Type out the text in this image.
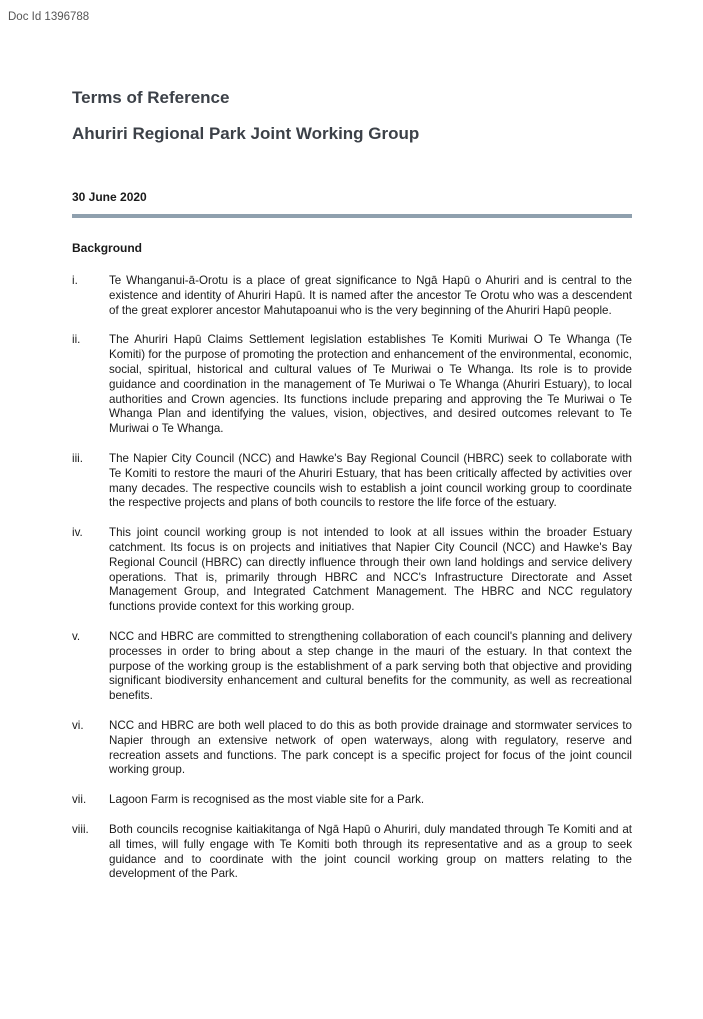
Doc Id 1396788
Terms of Reference
Ahuriri Regional Park Joint Working Group
30 June 2020
Background
i.	Te Whanganui-ā-Orotu is a place of great significance to Ngā Hapū o Ahuriri and is central to the existence and identity of Ahuriri Hapū. It is named after the ancestor Te Orotu who was a descendent of the great explorer ancestor Mahutapoanui who is the very beginning of the Ahuriri Hapū people.
ii.	The Ahuriri Hapū Claims Settlement legislation establishes Te Komiti Muriwai O Te Whanga (Te Komiti) for the purpose of promoting the protection and enhancement of the environmental, economic, social, spiritual, historical and cultural values of Te Muriwai o Te Whanga. Its role is to provide guidance and coordination in the management of Te Muriwai o Te Whanga (Ahuriri Estuary), to local authorities and Crown agencies. Its functions include preparing and approving the Te Muriwai o Te Whanga Plan and identifying the values, vision, objectives, and desired outcomes relevant to Te Muriwai o Te Whanga.
iii.	The Napier City Council (NCC) and Hawke's Bay Regional Council (HBRC) seek to collaborate with Te Komiti to restore the mauri of the Ahuriri Estuary, that has been critically affected by activities over many decades. The respective councils wish to establish a joint council working group to coordinate the respective projects and plans of both councils to restore the life force of the estuary.
iv.	This joint council working group is not intended to look at all issues within the broader Estuary catchment. Its focus is on projects and initiatives that Napier City Council (NCC) and Hawke's Bay Regional Council (HBRC) can directly influence through their own land holdings and service delivery operations. That is, primarily through HBRC and NCC's Infrastructure Directorate and Asset Management Group, and Integrated Catchment Management. The HBRC and NCC regulatory functions provide context for this working group.
v.	NCC and HBRC are committed to strengthening collaboration of each council's planning and delivery processes in order to bring about a step change in the mauri of the estuary. In that context the purpose of the working group is the establishment of a park serving both that objective and providing significant biodiversity enhancement and cultural benefits for the community, as well as recreational benefits.
vi.	NCC and HBRC are both well placed to do this as both provide drainage and stormwater services to Napier through an extensive network of open waterways, along with regulatory, reserve and recreation assets and functions. The park concept is a specific project for focus of the joint council working group.
vii.	Lagoon Farm is recognised as the most viable site for a Park.
viii.	Both councils recognise kaitiakitanga of Ngā Hapū o Ahuriri, duly mandated through Te Komiti and at all times, will fully engage with Te Komiti both through its representative and as a group to seek guidance and to coordinate with the joint council working group on matters relating to the development of the Park.
